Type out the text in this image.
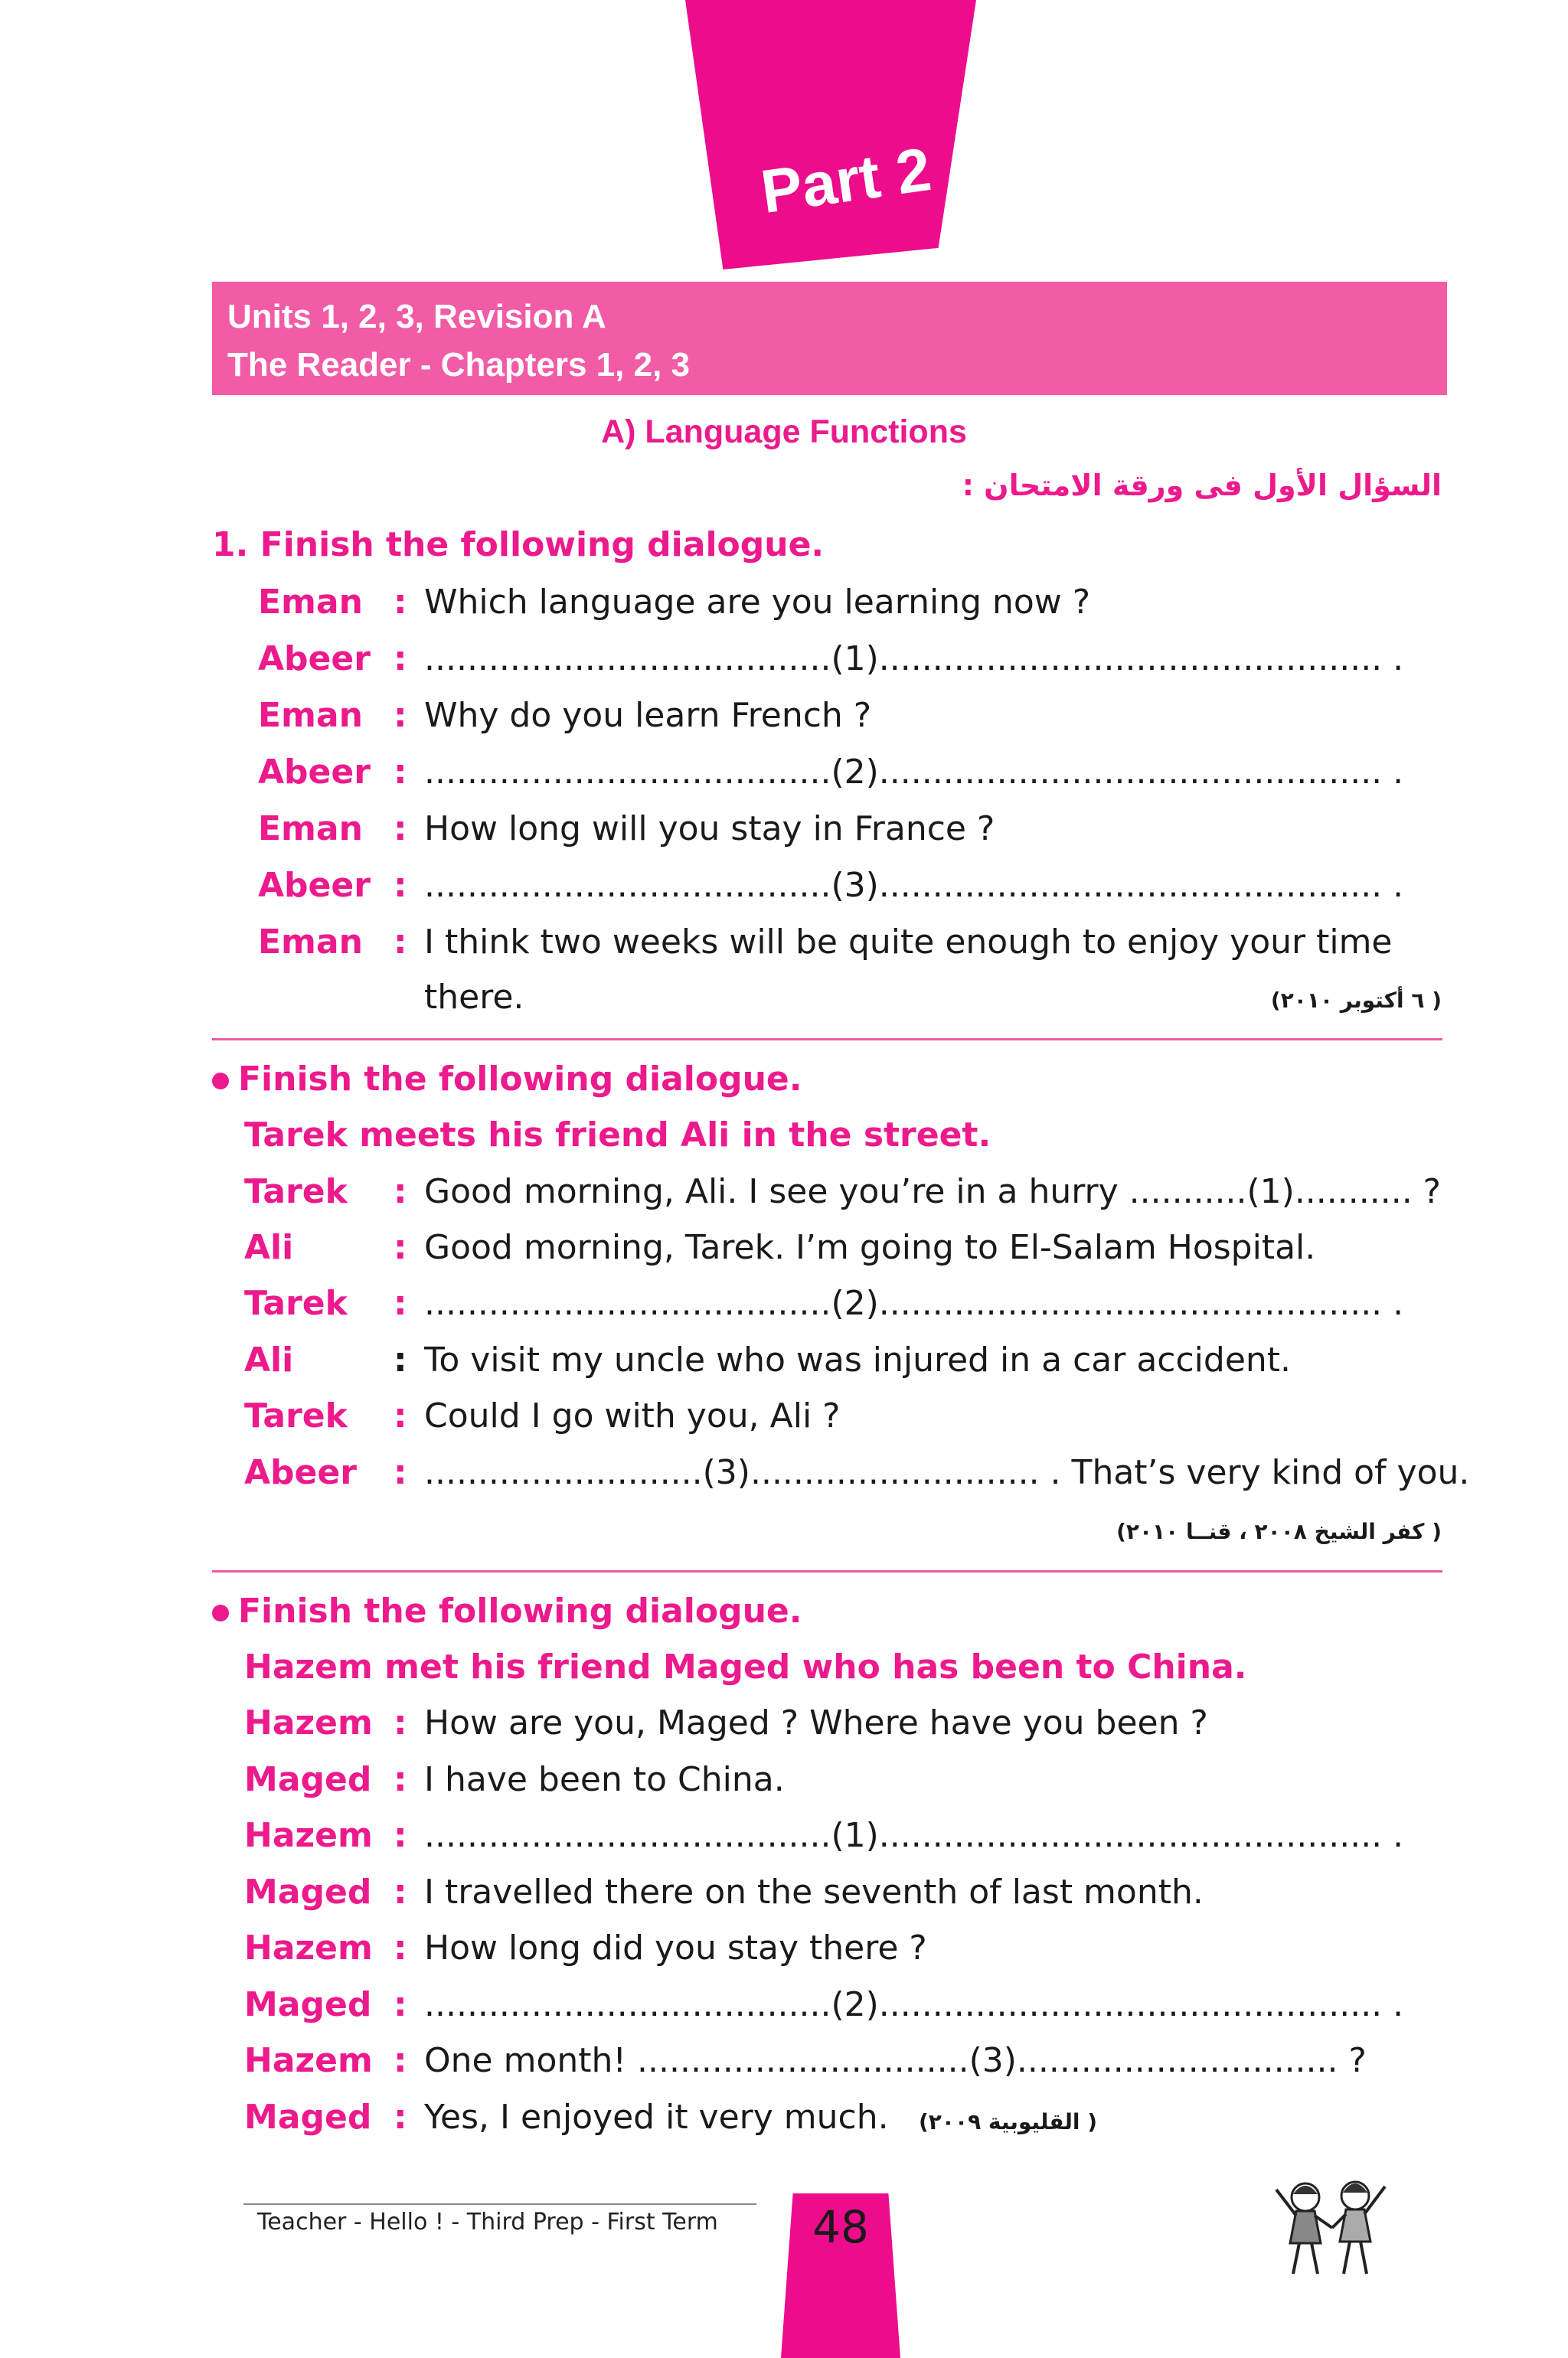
Part 2
Units 1, 2, 3, Revision A
The Reader - Chapters 1, 2, 3
A) Language Functions
السؤال الأول فى ورقة الامتحان :
1. Finish the following dialogue.
Eman : Which language are you learning now ?
Abeer : ......................................(1)............................................... .
Eman : Why do you learn French ?
Abeer : ......................................(2)............................................... .
Eman : How long will you stay in France ?
Abeer : ......................................(3)............................................... .
Eman : I think two weeks will be quite enough to enjoy your time
there.	( ٦ أكتوبر ٢٠١٠)
Finish the following dialogue.
Tarek meets his friend Ali in the street.
Tarek : Good morning, Ali. I see you’re in a hurry ...........(1)........... ?
Ali	: Good morning, Tarek. I’m going to El-Salam Hospital.
Tarek : ......................................(2)............................................... .
Ali	: To visit my uncle who was injured in a car accident.
Tarek : Could I go with you, Ali ?
Abeer : ..........................(3)........................... . That’s very kind of you.
( كفر الشيخ ٢٠٠٨ ، قنــا ٢٠١٠)
Finish the following dialogue.
Hazem met his friend Maged who has been to China.
Hazem : How are you, Maged ? Where have you been ?
Maged : I have been to China.
Hazem : ......................................(1)............................................... .
Maged : I travelled there on the seventh of last month.
Hazem : How long did you stay there ?
Maged : ......................................(2)............................................... .
Hazem : One month! ...............................(3).............................. ?
Maged : Yes, I enjoyed it very much. ( القليوبية ٢٠٠٩)
Teacher - Hello ! - Third Prep - First Term	48
